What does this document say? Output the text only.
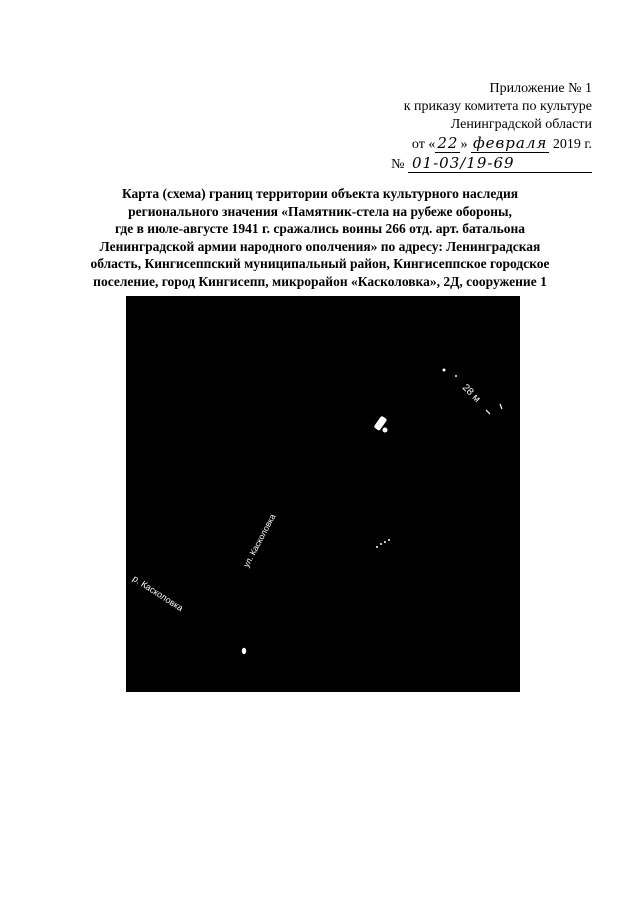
Приложение № 1
к приказу комитета по культуре
Ленинградской области
от « 22 » февраля 2019 г.
№ 01-03/19-69
Карта (схема) границ территории объекта культурного наследия
регионального значения «Памятник-стела на рубеже обороны,
где в июле-августе 1941 г. сражались воины 266 отд. арт. батальона
Ленинградской армии народного ополчения» по адресу: Ленинградская
область, Кингисеппский муниципальный район, Кингисеппское городское
поселение, город Кингисепп, микрорайон «Касколовка», 2Д, сооружение 1
28 м
ул. Касколовка
р. Касколовка
